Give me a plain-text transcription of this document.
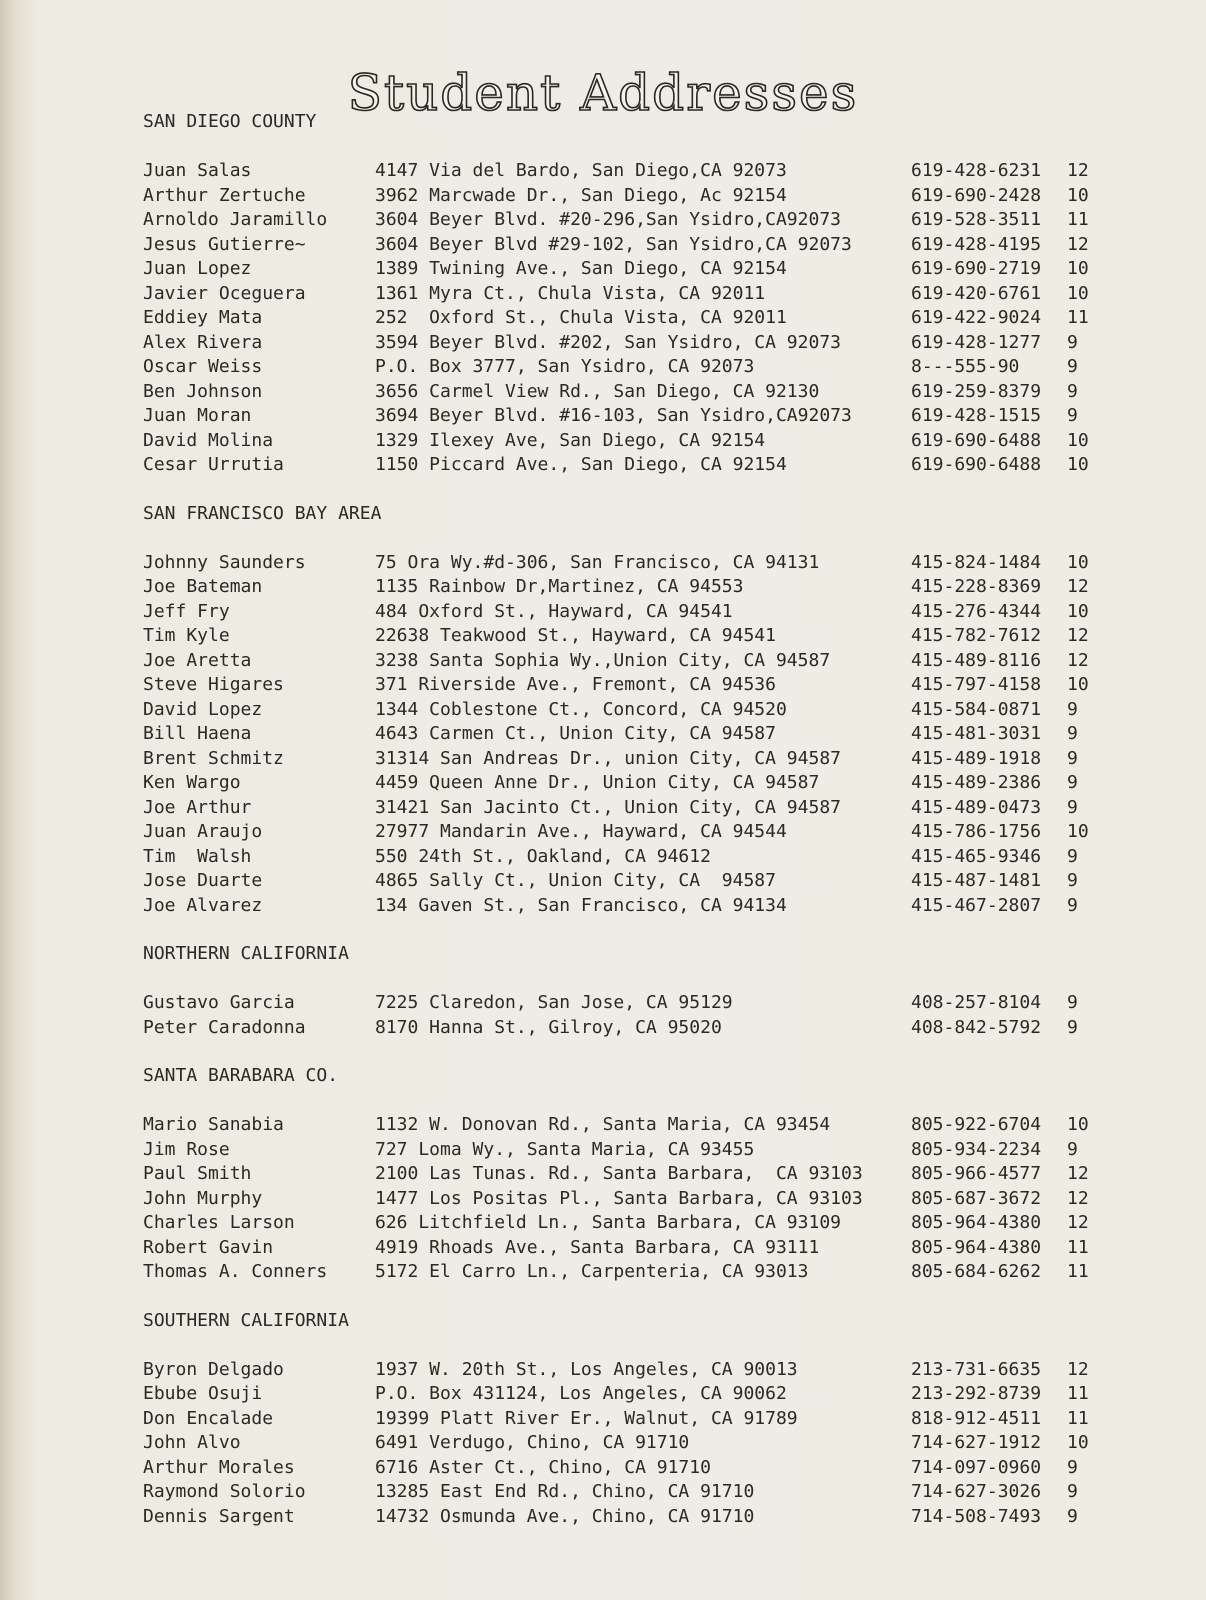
Student Addresses
SAN DIEGO COUNTY
Juan Salas	4147 Via del Bardo, San Diego,CA 92073	619-428-6231 12
Arthur Zertuche	3962 Marcwade Dr., San Diego, Ac 92154	619-690-2428 10
Arnoldo Jaramillo	3604 Beyer Blvd. #20-296,San Ysidro,CA92073	619-528-3511 11
Jesus Gutierre~	3604 Beyer Blvd #29-102, San Ysidro,CA 92073	619-428-4195 12
Juan Lopez	1389 Twining Ave., San Diego, CA 92154	619-690-2719 10
Javier Oceguera	1361 Myra Ct., Chula Vista, CA 92011	619-420-6761 10
Eddiey Mata	252  Oxford St., Chula Vista, CA 92011	619-422-9024 11
Alex Rivera	3594 Beyer Blvd. #202, San Ysidro, CA 92073	619-428-1277 9
Oscar Weiss	P.O. Box 3777, San Ysidro, CA 92073	8---555-90	9
Ben Johnson	3656 Carmel View Rd., San Diego, CA 92130	619-259-8379 9
Juan Moran	3694 Beyer Blvd. #16-103, San Ysidro,CA92073	619-428-1515 9
David Molina	1329 Ilexey Ave, San Diego, CA 92154	619-690-6488 10
Cesar Urrutia	1150 Piccard Ave., San Diego, CA 92154	619-690-6488 10
SAN FRANCISCO BAY AREA
Johnny Saunders	75 Ora Wy.#d-306, San Francisco, CA 94131	415-824-1484 10
Joe Bateman	1135 Rainbow Dr,Martinez, CA 94553	415-228-8369 12
Jeff Fry	484 Oxford St., Hayward, CA 94541	415-276-4344 10
Tim Kyle	22638 Teakwood St., Hayward, CA 94541	415-782-7612 12
Joe Aretta	3238 Santa Sophia Wy.,Union City, CA 94587	415-489-8116 12
Steve Higares	371 Riverside Ave., Fremont, CA 94536	415-797-4158 10
David Lopez	1344 Coblestone Ct., Concord, CA 94520	415-584-0871 9
Bill Haena	4643 Carmen Ct., Union City, CA 94587	415-481-3031 9
Brent Schmitz	31314 San Andreas Dr., union City, CA 94587	415-489-1918 9
Ken Wargo	4459 Queen Anne Dr., Union City, CA 94587	415-489-2386 9
Joe Arthur	31421 San Jacinto Ct., Union City, CA 94587	415-489-0473 9
Juan Araujo	27977 Mandarin Ave., Hayward, CA 94544	415-786-1756 10
Tim  Walsh	550 24th St., Oakland, CA 94612	415-465-9346 9
Jose Duarte	4865 Sally Ct., Union City, CA  94587	415-487-1481 9
Joe Alvarez	134 Gaven St., San Francisco, CA 94134	415-467-2807 9
NORTHERN CALIFORNIA
Gustavo Garcia	7225 Claredon, San Jose, CA 95129	408-257-8104 9
Peter Caradonna	8170 Hanna St., Gilroy, CA 95020	408-842-5792 9
SANTA BARABARA CO.
Mario Sanabia	1132 W. Donovan Rd., Santa Maria, CA 93454	805-922-6704 10
Jim Rose	727 Loma Wy., Santa Maria, CA 93455	805-934-2234 9
Paul Smith	2100 Las Tunas. Rd., Santa Barbara,  CA 93103	805-966-4577 12
John Murphy	1477 Los Positas Pl., Santa Barbara, CA 93103	805-687-3672 12
Charles Larson	626 Litchfield Ln., Santa Barbara, CA 93109	805-964-4380 12
Robert Gavin	4919 Rhoads Ave., Santa Barbara, CA 93111	805-964-4380 11
Thomas A. Conners	5172 El Carro Ln., Carpenteria, CA 93013	805-684-6262 11
SOUTHERN CALIFORNIA
Byron Delgado	1937 W. 20th St., Los Angeles, CA 90013	213-731-6635 12
Ebube Osuji	P.O. Box 431124, Los Angeles, CA 90062	213-292-8739 11
Don Encalade	19399 Platt River Er., Walnut, CA 91789	818-912-4511 11
John Alvo	6491 Verdugo, Chino, CA 91710	714-627-1912 10
Arthur Morales	6716 Aster Ct., Chino, CA 91710	714-097-0960 9
Raymond Solorio	13285 East End Rd., Chino, CA 91710	714-627-3026 9
Dennis Sargent	14732 Osmunda Ave., Chino, CA 91710	714-508-7493 9
